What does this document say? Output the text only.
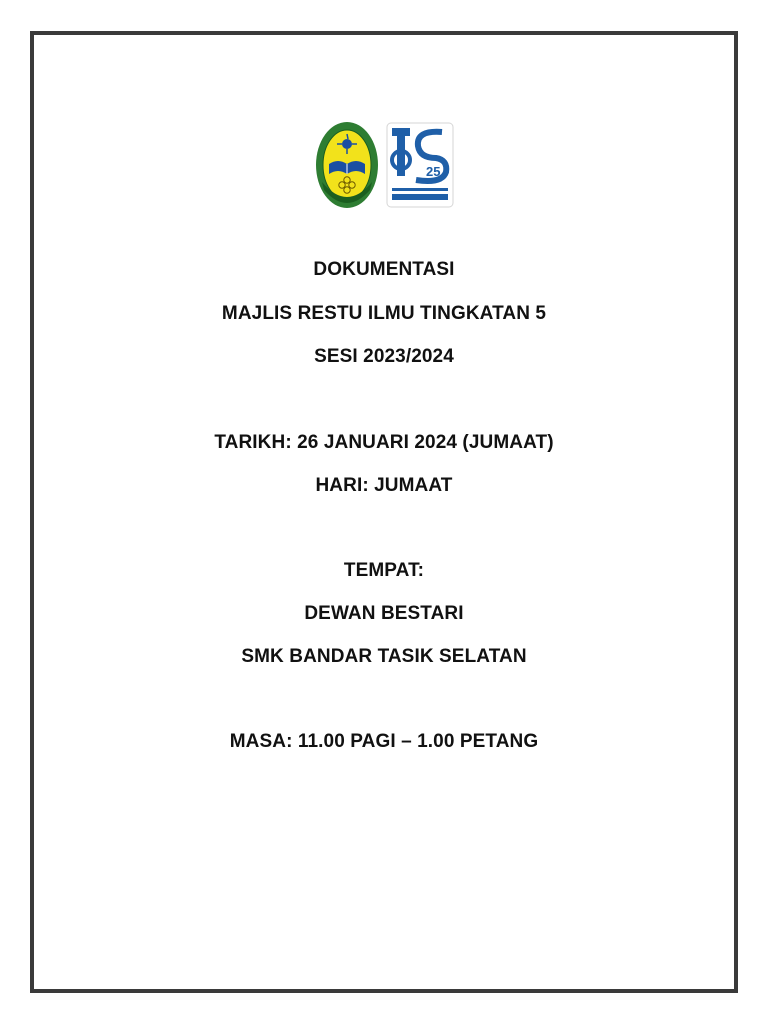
25
DOKUMENTASI
MAJLIS RESTU ILMU TINGKATAN 5
SESI 2023/2024
TARIKH: 26 JANUARI 2024 (JUMAAT)
HARI: JUMAAT
TEMPAT:
DEWAN BESTARI
SMK BANDAR TASIK SELATAN
MASA: 11.00 PAGI – 1.00 PETANG
